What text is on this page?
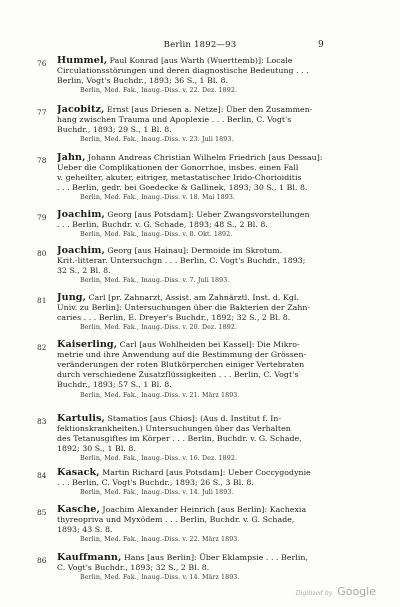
Berlin 1892—93	9
76 Hummel, Paul Konrad [aus Warth (Wuerttemb)]: Locale
Circulationsstörungen und deren diagnostische Bedeutung . . .
Berlin, Vogt's Buchdr., 1893; 36 S., 1 Bl. 8.
Berlin, Med. Fak., Inaug.-Diss. v. 22. Dez. 1892.
77 Jacobitz, Ernst [aus Driesen a. Netze]: Über den Zusammen-
hang zwischen Trauma und Apoplexie . . . Berlin, C. Vogt's
Buchdr., 1893; 29 S., 1 Bl. 8.
Berlin, Med. Fak., Inaug.-Diss. v. 23. Juli 1893.
78 Jahn, Johann Andreas Christian Wilhelm Friedrich [aus Dessau]:
Ueber die Complikationen der Gonorrhoe, insbes. einen Fall
v. geheilter, akuter, eitriger, metastatischer Irido-Chorioiditis
. . . Berlin, gedr. bei Goedecke & Gallinek, 1893; 30 S., 1 Bl. 8.
Berlin, Med. Fak., Inaug.-Diss. v. 18. Mai 1893.
79 Joachim, Georg [aus Potsdam]: Ueber Zwangsvorstellungen
. . . Berlin, Buchdr. v. G. Schade, 1893; 48 S., 2 Bl. 8.
Berlin, Med. Fak., Inaug.-Diss. v. 8. Okt. 1892.
80 Joachim, Georg [aus Hainau]: Dermoide im Skrotum.
Krit.-litterar. Untersuchgn . . . Berlin, C. Vogt's Buchdr., 1893;
32 S., 2 Bl. 8.
Berlin, Med. Fak., Inaug.-Diss. v. 7. Juli 1893.
81 Jung, Carl [pr. Zahnarzt, Assist. am Zahnärztl. Inst. d. Kgl.
Univ. zu Berlin]: Untersuchungen über die Bakterien der Zahn-
caries . . . Berlin, E. Dreyer's Buchdr., 1892; 32 S., 2 Bl. 8.
Berlin, Med. Fak., Inaug.-Diss. v. 20. Dez. 1892.
82 Kaiserling, Carl [aus Wohlheiden bei Kassel]: Die Mikro-
metrie und ihre Anwendung auf die Bestimmung der Grössen-
veränderungen der roten Blutkörperchen einiger Vertebraten
durch verschiedene Zusatzflüssigkeiten . . . Berlin, C. Vogt's
Buchdr., 1893; 57 S., 1 Bl. 8.
Berlin, Med. Fak., Inaug.-Diss. v. 21. März 1893.
83 Kartulis, Stamatios [aus Chios]: (Aus d. Institut f. In-
fektionskrankheiten.) Untersuchungen über das Verhalten
des Tetanusgiftes im Körper . . . Berlin, Buchdr. v. G. Schade,
1892; 30 S., 1 Bl. 8.
Berlin, Med. Fak., Inaug.-Diss. v. 16. Dez. 1892.
84 Kasack, Martin Richard [aus Potsdam]: Ueber Coccygodynie
. . . Berlin, C. Vogt's Buchdr., 1893; 26 S., 3 Bl. 8.
Berlin, Med. Fak., Inaug.-Diss. v. 14. Juli 1893.
85 Kasche, Joachim Alexander Heinrich [aus Berlin]: Kachexia
thyreopriva und Myxödem . . . Berlin, Buchdr. v. G. Schade,
1893; 43 S. 8.
Berlin, Med. Fak., Inaug.-Diss. v. 22. März 1893.
86 Kauffmann, Hans [aus Berlin]: Über Eklampsie . . . Berlin,
C. Vogt's Buchdr., 1893; 32 S., 2 Bl. 8.
Berlin, Med. Fak., Inaug.-Diss. v. 14. März 1893.
Digitized by Google
